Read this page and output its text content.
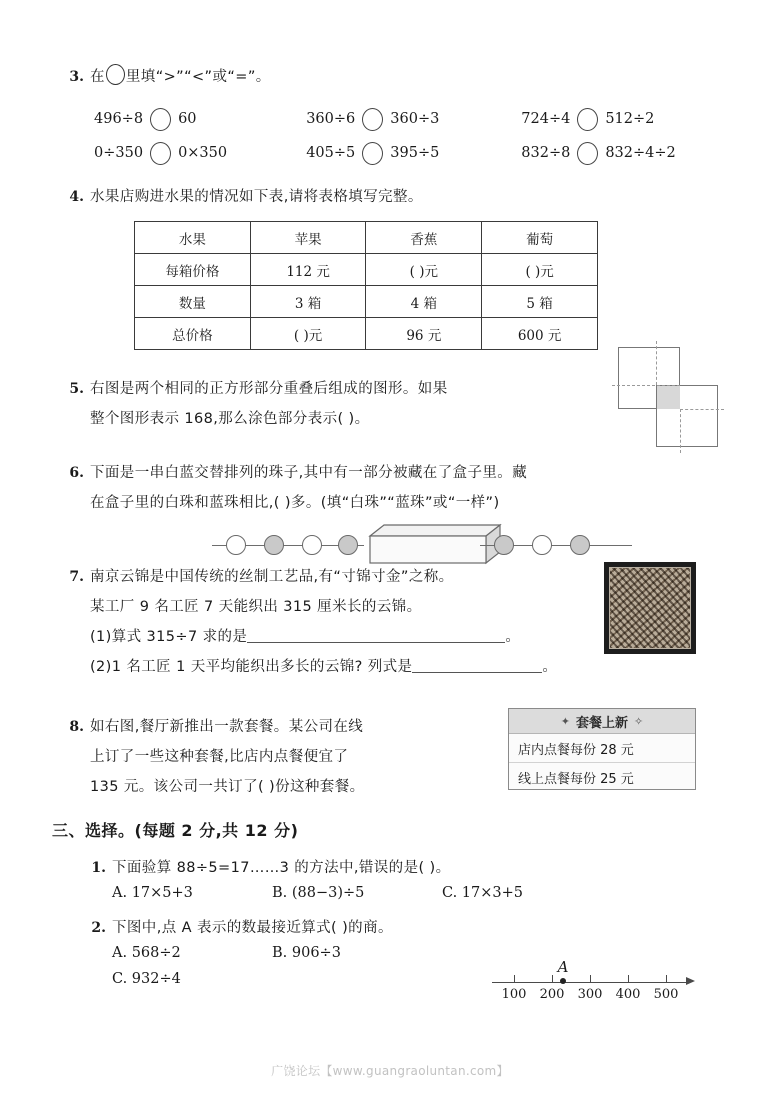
3. 在 里填“>”“<”或“=”。
496÷8 60	360÷6 360÷3	724÷4 512÷2
0÷350 0×350	405÷5 395÷5	832÷8 832÷4÷2
4. 水果店购进水果的情况如下表,请将表格填写完整。
水果	苹果	香蕉	葡萄
每箱价格	112 元	( )元	( )元
数量	3 箱	4 箱	5 箱
总价格	( )元	96 元	600 元
5. 右图是两个相同的正方形部分重叠后组成的图形。如果
整个图形表示 168,那么涂色部分表示( )。
6. 下面是一串白蓝交替排列的珠子,其中有一部分被藏在了盒子里。藏
在盒子里的白珠和蓝珠相比,( )多。(填“白珠”“蓝珠”或“一样”)
7. 南京云锦是中国传统的丝制工艺品,有“寸锦寸金”之称。
某工厂 9 名工匠 7 天能织出 315 厘米长的云锦。
(1)算式 315÷7 求的是	。
(2)1 名工匠 1 天平均能织出多长的云锦? 列式是	。
8. 如右图,餐厅新推出一款套餐。某公司在线
上订了一些这种套餐,比店内点餐便宜了
135 元。该公司一共订了( )份这种套餐。
✦ 套餐上新 ✧
店内点餐每份 28 元
线上点餐每份 25 元
三、选择。(每题 2 分,共 12 分)
1. 下面验算 88÷5=17……3 的方法中,错误的是( )。
A. 17×5+3	B. (88−3)÷5	C. 17×3+5
2. 下图中,点 A 表示的数最接近算式( )的商。
A. 568÷2	B. 906÷3
C. 932÷4
100 200 300 400 500
A
广饶论坛【www.guangraoluntan.com】
